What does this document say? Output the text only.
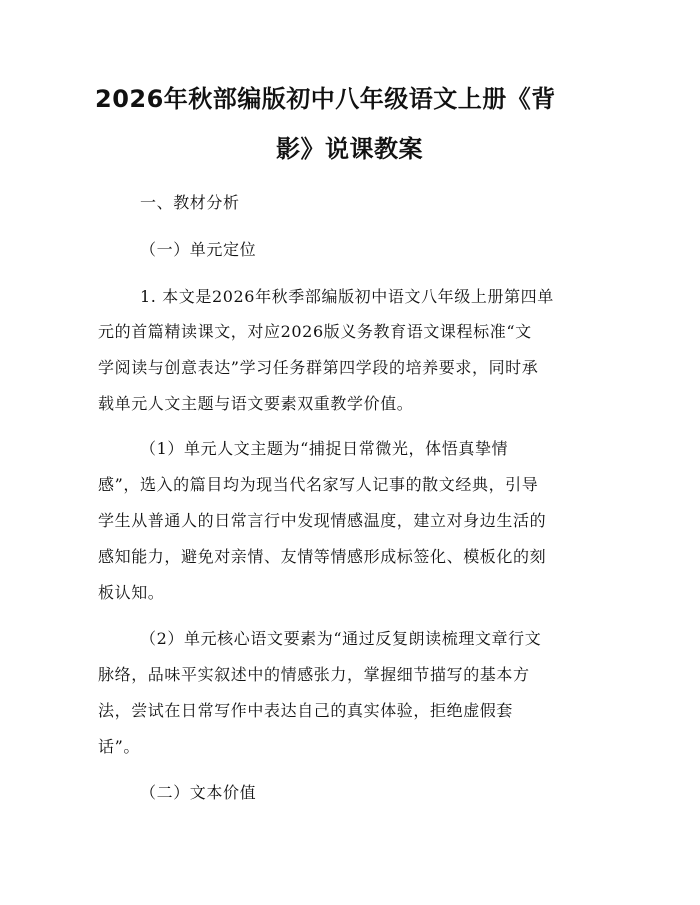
2026年秋部编版初中八年级语文上册《背
影》说课教案
一、教材分析
（一）单元定位
1. 本文是2026年秋季部编版初中语文八年级上册第四单
元的首篇精读课文，对应2026版义务教育语文课程标准“文
学阅读与创意表达”学习任务群第四学段的培养要求，同时承
载单元人文主题与语文要素双重教学价值。
（1）单元人文主题为“捕捉日常微光，体悟真挚情
感”，选入的篇目均为现当代名家写人记事的散文经典，引导
学生从普通人的日常言行中发现情感温度，建立对身边生活的
感知能力，避免对亲情、友情等情感形成标签化、模板化的刻
板认知。
（2）单元核心语文要素为“通过反复朗读梳理文章行文
脉络，品味平实叙述中的情感张力，掌握细节描写的基本方
法，尝试在日常写作中表达自己的真实体验，拒绝虚假套
话”。
（二）文本价值
